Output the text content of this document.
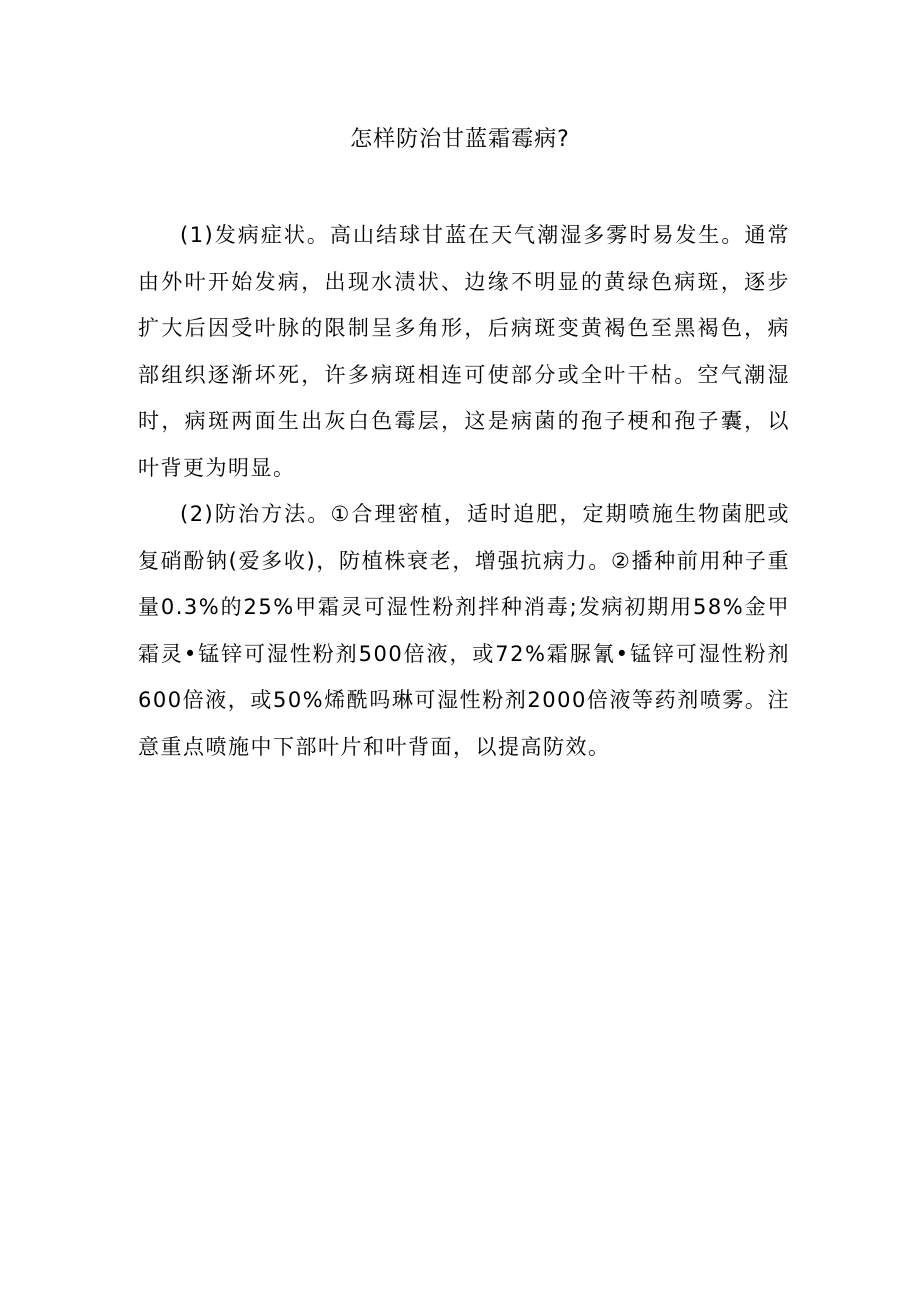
怎样防治甘蓝霜霉病?

(1)发病症状。高山结球甘蓝在天气潮湿多雾时易发生。通常由外叶开始发病，出现水渍状、边缘不明显的黄绿色病斑，逐步扩大后因受叶脉的限制呈多角形，后病斑变黄褐色至黑褐色，病部组织逐渐坏死，许多病斑相连可使部分或全叶干枯。空气潮湿时，病斑两面生出灰白色霉层，这是病菌的孢子梗和孢子囊，以叶背更为明显。

(2)防治方法。①合理密植，适时追肥，定期喷施生物菌肥或复硝酚钠(爱多收)，防植株衰老，增强抗病力。②播种前用种子重量0.3%的25%甲霜灵可湿性粉剂拌种消毒;发病初期用58%金甲霜灵•锰锌可湿性粉剂500倍液，或72%霜脲氰•锰锌可湿性粉剂600倍液，或50%烯酰吗琳可湿性粉剂2000倍液等药剂喷雾。注意重点喷施中下部叶片和叶背面，以提高防效。
